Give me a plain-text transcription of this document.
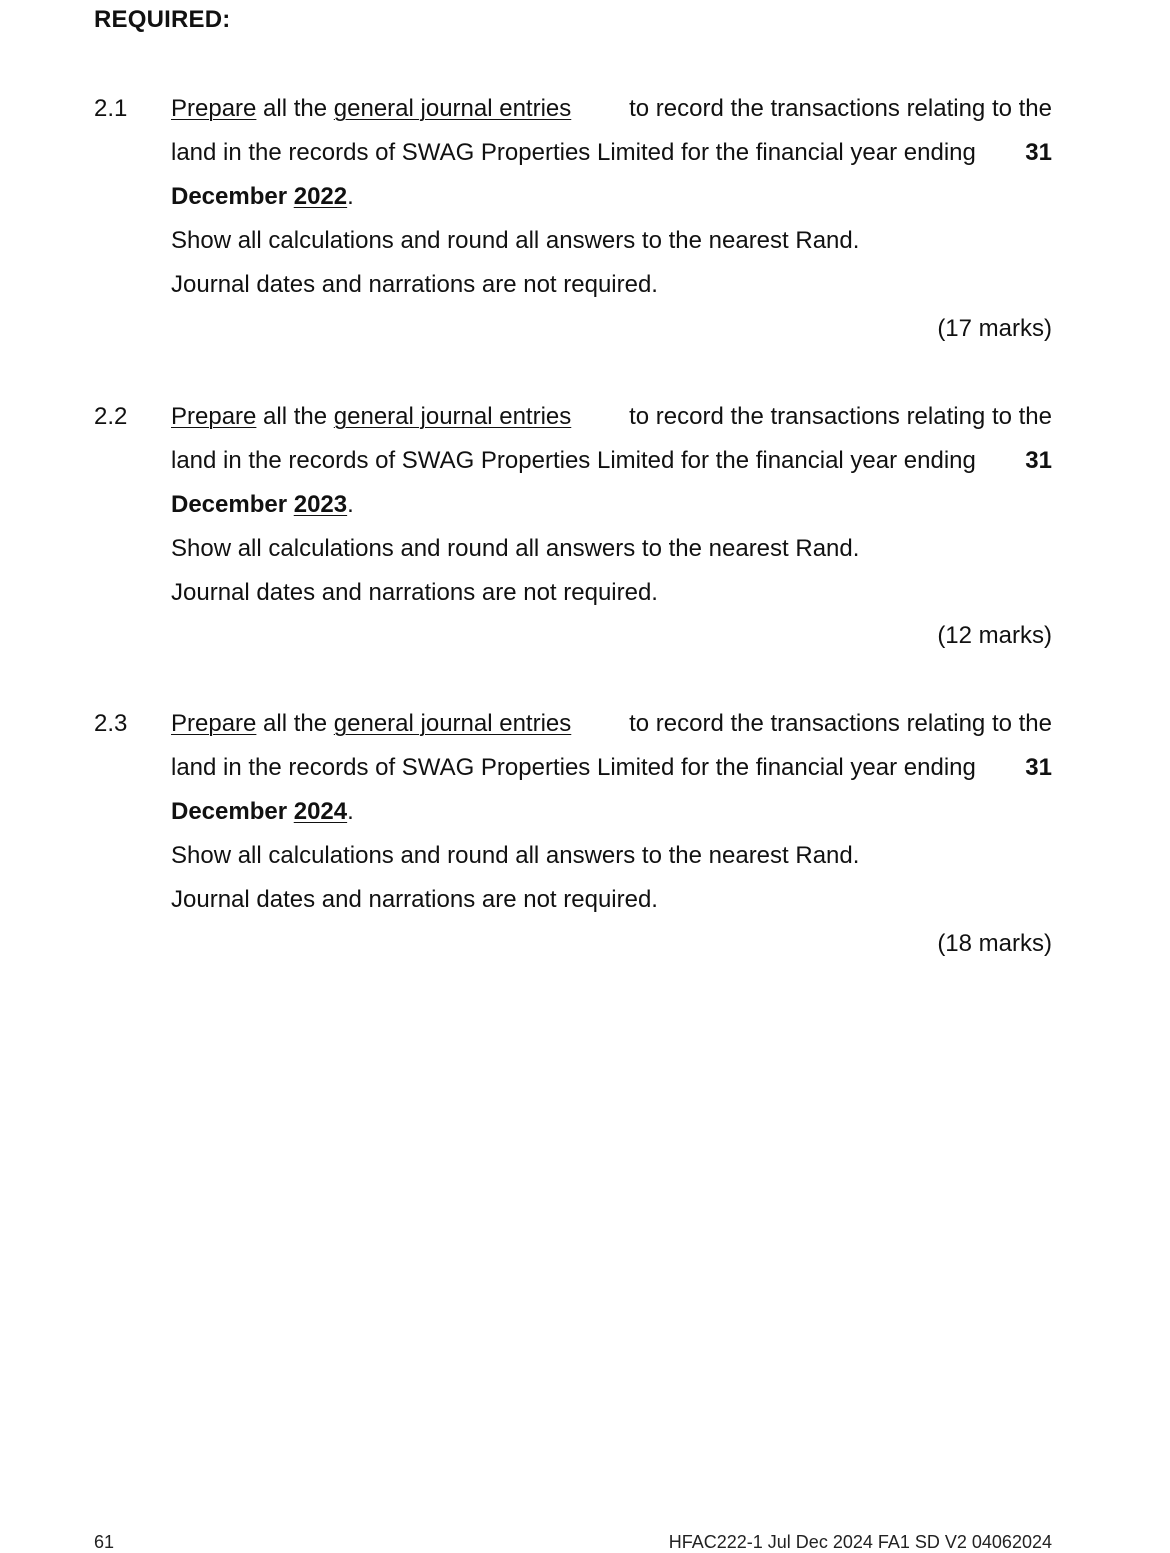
REQUIRED:
2.1 Prepare all the general journal entries to record the transactions relating to the
land in the records of SWAG Properties Limited for the financial year ending 31
December 2022.
Show all calculations and round all answers to the nearest Rand.
Journal dates and narrations are not required.
(17 marks)
2.2 Prepare all the general journal entries to record the transactions relating to the
land in the records of SWAG Properties Limited for the financial year ending 31
December 2023.
Show all calculations and round all answers to the nearest Rand.
Journal dates and narrations are not required.
(12 marks)
2.3 Prepare all the general journal entries to record the transactions relating to the
land in the records of SWAG Properties Limited for the financial year ending 31
December 2024.
Show all calculations and round all answers to the nearest Rand.
Journal dates and narrations are not required.
(18 marks)
61	HFAC222-1 Jul Dec 2024 FA1 SD V2 04062024
